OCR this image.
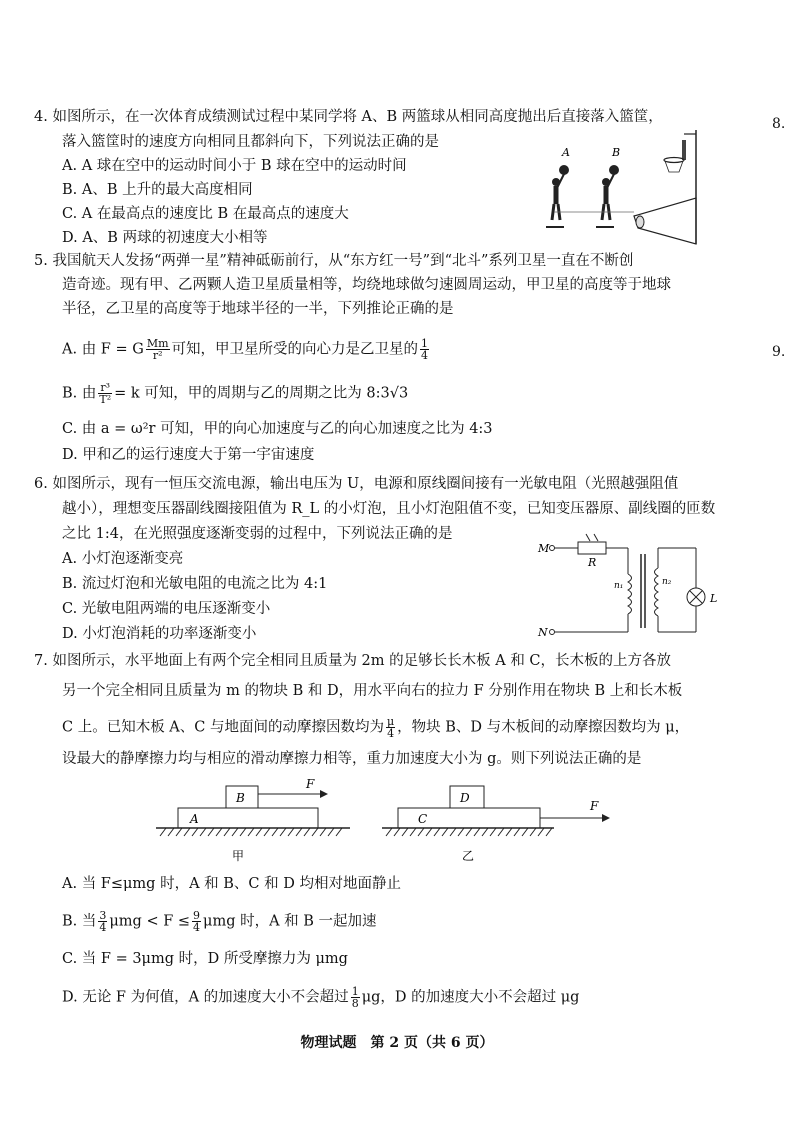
8.
9.
4. 如图所示，在一次体育成绩测试过程中某同学将 A、B 两篮球从相同高度抛出后直接落入篮筐，
落入篮筐时的速度方向相同且都斜向下，下列说法正确的是
A. A 球在空中的运动时间小于 B 球在空中的运动时间
B. A、B 上升的最大高度相同
C. A 在最高点的速度比 B 在最高点的速度大
D. A、B 两球的初速度大小相等
A	B
5. 我国航天人发扬“两弹一星”精神砥砺前行，从“东方红一号”到“北斗”系列卫星一直在不断创
造奇迹。现有甲、乙两颗人造卫星质量相等，均绕地球做匀速圆周运动，甲卫星的高度等于地球
半径，乙卫星的高度等于地球半径的一半，下列推论正确的是
A. 由 F = G $\frac{Mm}{\text{r²}}$ 可知，甲卫星所受的向心力是乙卫星的 $\frac{1}{4}$
B. 由 $\frac{\text{r³}}{\text{T²}} = k$ 可知，甲的周期与乙的周期之比为 8:3√3
C. 由 a = ω²r 可知，甲的向心加速度与乙的向心加速度之比为 4:3
D. 甲和乙的运行速度大于第一宇宙速度
6. 如图所示，现有一恒压交流电源，输出电压为 U，电源和原线圈间接有一光敏电阻（光照越强阻值
越小），理想变压器副线圈接阻值为 R_L 的小灯泡，且小灯泡阻值不变，已知变压器原、副线圈的匝数
之比 1:4，在光照强度逐渐变弱的过程中，下列说法正确的是
A. 小灯泡逐渐变亮
B. 流过灯泡和光敏电阻的电流之比为 4:1
C. 光敏电阻两端的电压逐渐变小
D. 小灯泡消耗的功率逐渐变小
M
N
R
n₁	n₂
L
7. 如图所示，水平地面上有两个完全相同且质量为 2m 的足够长长木板 A 和 C，长木板的上方各放
另一个完全相同且质量为 m 的物块 B 和 D，用水平向右的拉力 F 分别作用在物块 B 上和长木板
C 上。已知木板 A、C 与地面间的动摩擦因数均为 $\frac{\mu}{4}$ ，物块 B、D 与木板间的动摩擦因数均为 μ，
设最大的静摩擦力均与相应的滑动摩擦力相等，重力加速度大小为 g。则下列说法正确的是
B
F
A
甲
D
C
F
乙
A. 当 F≤μmg 时，A 和 B、C 和 D 均相对地面静止
B. 当 $\frac{3}{4}$ $\mu mg < F \le \frac{9}{4}$ μmg 时，A 和 B 一起加速
C. 当 F = 3μmg 时，D 所受摩擦力为 μmg
D. 无论 F 为何值，A 的加速度大小不会超过 $\frac{1}{8}$ μg，D 的加速度大小不会超过 μg
物理试题　第 2 页（共 6 页）
